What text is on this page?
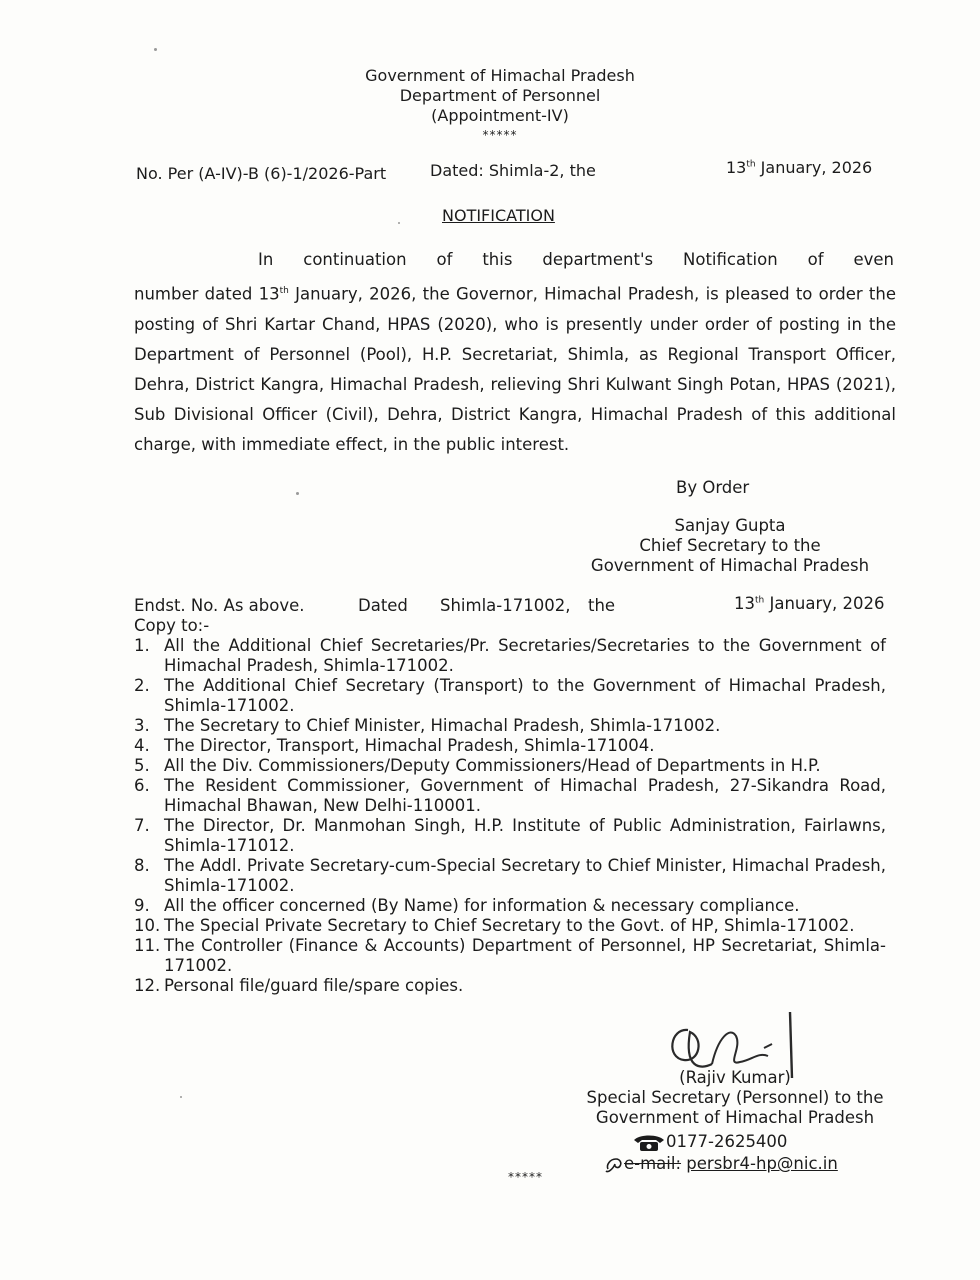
Government of Himachal Pradesh
Department of Personnel
(Appointment-IV)
*****
No. Per (A-IV)-B (6)-1/2026-Part	Dated: Shimla-2, the	13th January, 2026
NOTIFICATION
In continuation of this department's Notification of even
number dated 13th January, 2026, the Governor, Himachal Pradesh, is pleased to order the posting of Shri Kartar Chand, HPAS (2020), who is presently under order of posting in the Department of Personnel (Pool), H.P. Secretariat, Shimla, as Regional Transport Officer, Dehra, District Kangra, Himachal Pradesh, relieving Shri Kulwant Singh Potan, HPAS (2021), Sub Divisional Officer (Civil), Dehra, District Kangra, Himachal Pradesh of this additional charge, with immediate effect, in the public interest.
By Order
Sanjay Gupta
Chief Secretary to the
Government of Himachal Pradesh
Endst. No. As above.	Dated Shimla-171002, the	13th January, 2026
Copy to:-
1. All the Additional Chief Secretaries/Pr. Secretaries/Secretaries to the Government of Himachal Pradesh, Shimla-171002.
2. The Additional Chief Secretary (Transport) to the Government of Himachal Pradesh, Shimla-171002.
3. The Secretary to Chief Minister, Himachal Pradesh, Shimla-171002.
4. The Director, Transport, Himachal Pradesh, Shimla-171004.
5. All the Div. Commissioners/Deputy Commissioners/Head of Departments in H.P.
6. The Resident Commissioner, Government of Himachal Pradesh, 27-Sikandra Road, Himachal Bhawan, New Delhi-110001.
7. The Director, Dr. Manmohan Singh, H.P. Institute of Public Administration, Fairlawns, Shimla-171012.
8. The Addl. Private Secretary-cum-Special Secretary to Chief Minister, Himachal Pradesh, Shimla-171002.
9. All the officer concerned (By Name) for information & necessary compliance.
10. The Special Private Secretary to Chief Secretary to the Govt. of HP, Shimla-171002.
11. The Controller (Finance & Accounts) Department of Personnel, HP Secretariat, Shimla-171002.
12. Personal file/guard file/spare copies.
(Rajiv Kumar)
Special Secretary (Personnel) to the
Government of Himachal Pradesh
0177-2625400
e-mail: persbr4-hp@nic.in
*****
